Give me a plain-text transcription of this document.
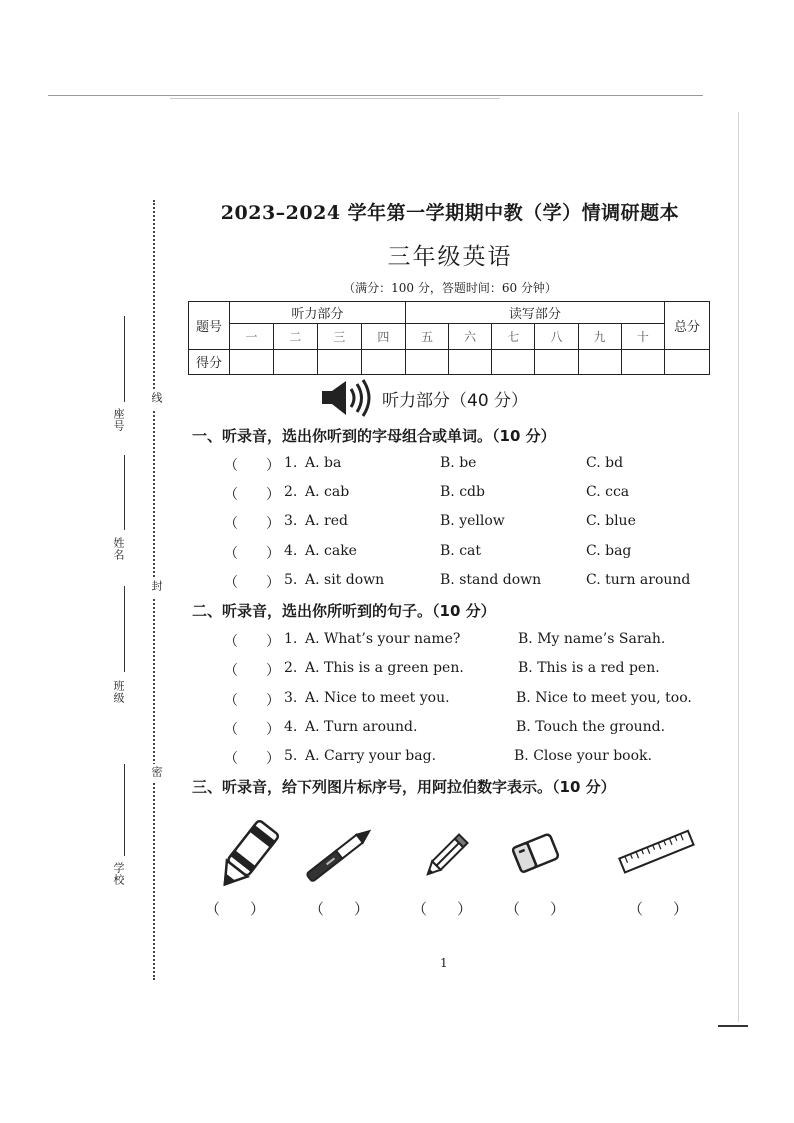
线
封
密
座号
姓名
班级
学校
2023–2024 学年第一学期期中教（学）情调研题本
三年级英语
（满分：100 分，答题时间：60 分钟）
题号	听力部分				读写部分						总分
	一	二	三	四	五	六	七	八	九	十	
得分											
听力部分（40 分）
一、听录音，选出你听到的字母组合或单词。（10 分）
（　　） 1. A. ba	B. be	C. bd
（　　） 2. A. cab	B. cdb	C. cca
（　　） 3. A. red	B. yellow	C. blue
（　　） 4. A. cake	B. cat	C. bag
（　　） 5. A. sit down	B. stand down	C. turn around
二、听录音，选出你所听到的句子。（10 分）
（　　） 1. A. What’s your name?	B. My name’s Sarah.
（　　） 2. A. This is a green pen.	B. This is a red pen.
（　　） 3. A. Nice to meet you.	B. Nice to meet you, too.
（　　） 4. A. Turn around.	B. Touch the ground.
（　　） 5. A. Carry your bag.	B. Close your book.
三、听录音，给下列图片标序号，用阿拉伯数字表示。（10 分）
（　　）	（　　）	（　　） （　　）	（　　）
1
